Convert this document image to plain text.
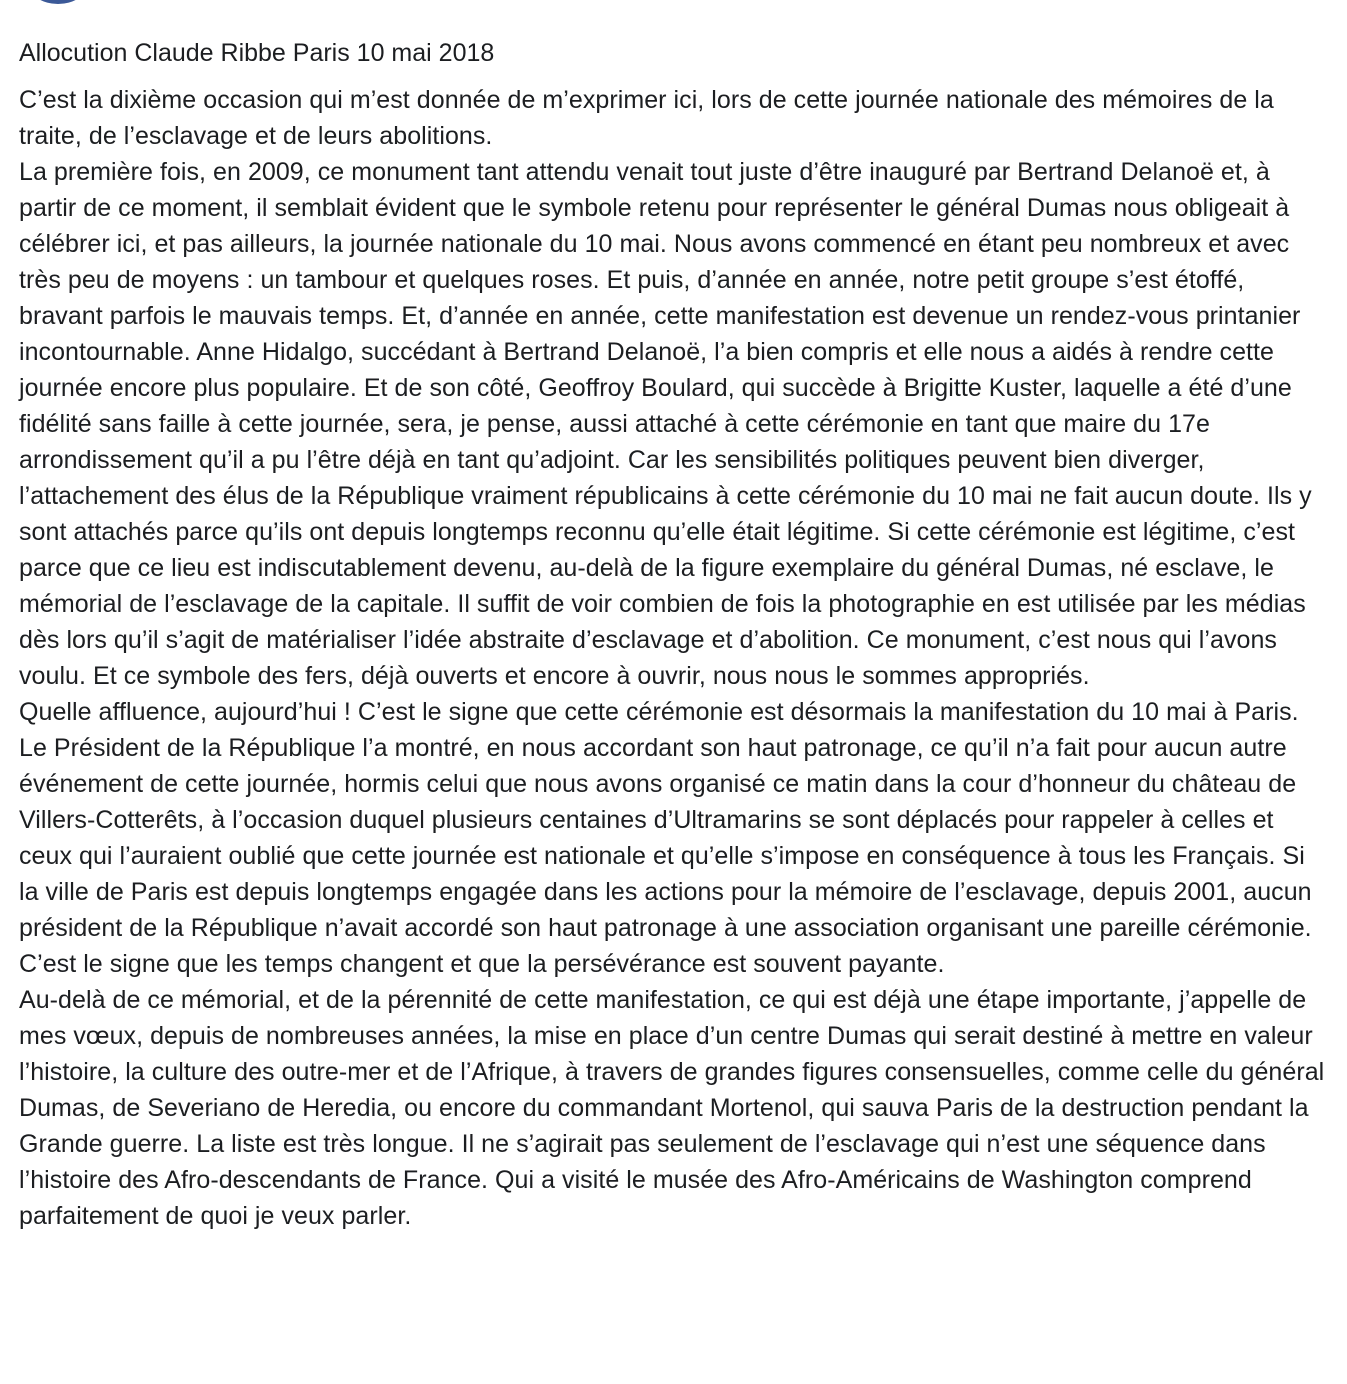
Allocution Claude Ribbe Paris 10 mai 2018

C’est la dixième occasion qui m’est donnée de m’exprimer ici, lors de cette journée nationale des mémoires de la traite, de l’esclavage et de leurs abolitions.

La première fois, en 2009, ce monument tant attendu venait tout juste d’être inauguré par Bertrand Delanoë et, à partir de ce moment, il semblait évident que le symbole retenu pour représenter le général Dumas nous obligeait à célébrer ici, et pas ailleurs, la journée nationale du 10 mai. Nous avons commencé en étant peu nombreux et avec très peu de moyens : un tambour et quelques roses. Et puis, d’année en année, notre petit groupe s’est étoffé, bravant parfois le mauvais temps. Et, d’année en année, cette manifestation est devenue un rendez-vous printanier incontournable. Anne Hidalgo, succédant à Bertrand Delanoë, l’a bien compris et elle nous a aidés à rendre cette journée encore plus populaire. Et de son côté, Geoffroy Boulard, qui succède à Brigitte Kuster, laquelle a été d’une fidélité sans faille à cette journée, sera, je pense, aussi attaché à cette cérémonie en tant que maire du 17e arrondissement qu’il a pu l’être déjà en tant qu’adjoint. Car les sensibilités politiques peuvent bien diverger, l’attachement des élus de la République vraiment républicains à cette cérémonie du 10 mai ne fait aucun doute. Ils y sont attachés parce qu’ils ont depuis longtemps reconnu qu’elle était légitime. Si cette cérémonie est légitime, c’est parce que ce lieu est indiscutablement devenu, au-delà de la figure exemplaire du général Dumas, né esclave, le mémorial de l’esclavage de la capitale. Il suffit de voir combien de fois la photographie en est utilisée par les médias dès lors qu’il s’agit de matérialiser l’idée abstraite d’esclavage et d’abolition. Ce monument, c’est nous qui l’avons voulu. Et ce symbole des fers, déjà ouverts et encore à ouvrir, nous nous le sommes appropriés.

Quelle affluence, aujourd’hui ! C’est le signe que cette cérémonie est désormais la manifestation du 10 mai à Paris. Le Président de la République l’a montré, en nous accordant son haut patronage, ce qu’il n’a fait pour aucun autre événement de cette journée, hormis celui que nous avons organisé ce matin dans la cour d’honneur du château de Villers-Cotterêts, à l’occasion duquel plusieurs centaines d’Ultramarins se sont déplacés pour rappeler à celles et ceux qui l’auraient oublié que cette journée est nationale et qu’elle s’impose en conséquence à tous les Français. Si la ville de Paris est depuis longtemps engagée dans les actions pour la mémoire de l’esclavage, depuis 2001, aucun président de la République n’avait accordé son haut patronage à une association organisant une pareille cérémonie. C’est le signe que les temps changent et que la persévérance est souvent payante.

Au-delà de ce mémorial, et de la pérennité de cette manifestation, ce qui est déjà une étape importante, j’appelle de mes vœux, depuis de nombreuses années, la mise en place d’un centre Dumas qui serait destiné à mettre en valeur l’histoire, la culture des outre-mer et de l’Afrique, à travers de grandes figures consensuelles, comme celle du général Dumas, de Severiano de Heredia, ou encore du commandant Mortenol, qui sauva Paris de la destruction pendant la Grande guerre. La liste est très longue. Il ne s’agirait pas seulement de l’esclavage qui n’est une séquence dans l’histoire des Afro-descendants de France. Qui a visité le musée des Afro-Américains de Washington comprend parfaitement de quoi je veux parler.
